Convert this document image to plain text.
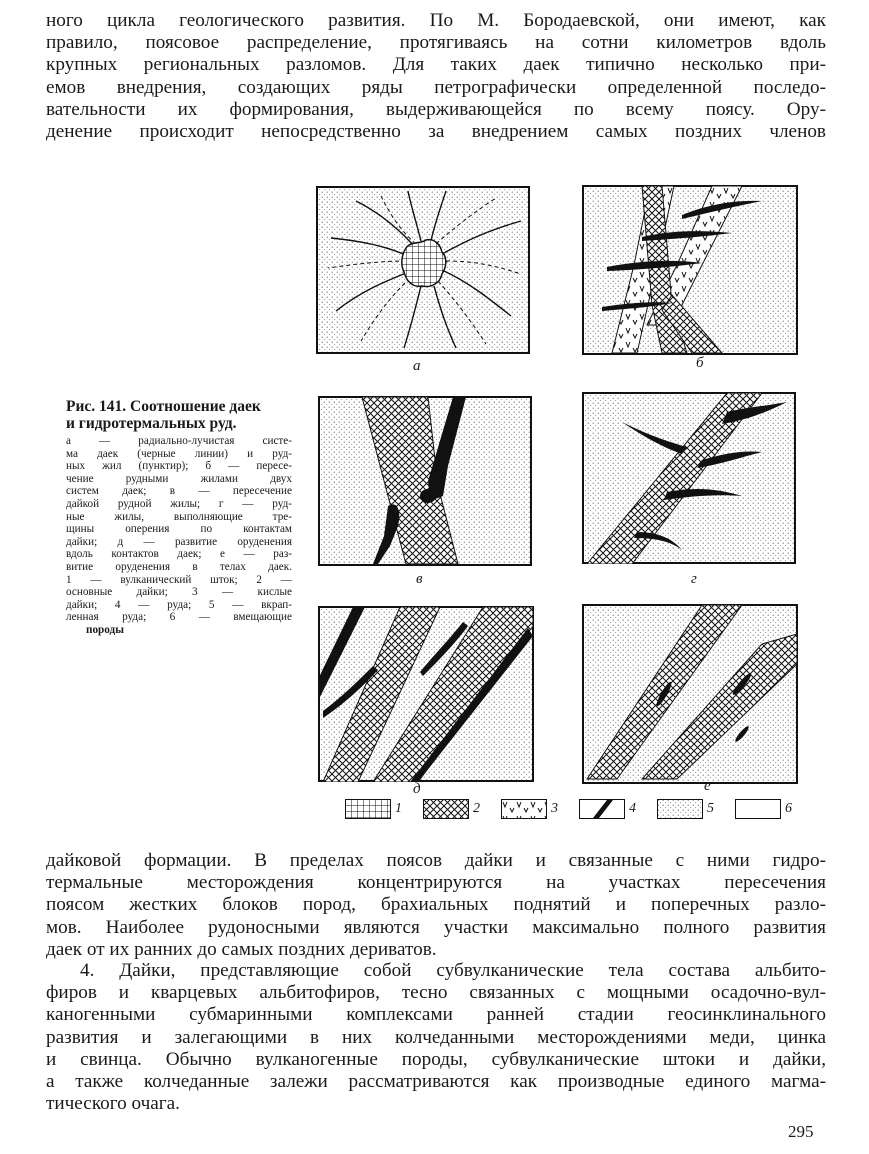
ного цикла геологического развития. По М. Бородаевской, они имеют, как
правило, поясовое распределение, протягиваясь на сотни километров вдоль
крупных региональных разломов. Для таких даек типично несколько при-
емов внедрения, создающих ряды петрографически определенной последо-
вательности их формирования, выдерживающейся по всему поясу. Ору-
денение происходит непосредственно за внедрением самых поздних членов
Рис. 141. Соотношение даек
и гидротермальных руд.
а — радиально-лучистая систе-
ма даек (черные линии) и руд-
ных жил (пунктир); б — пересе-
чение рудными жилами двух
систем даек; в — пересечение
дайкой рудной жилы; г — руд-
ные жилы, выполняющие тре-
щины оперения по контактам
дайки; д — развитие оруденения
вдоль контактов даек; е — раз-
витие оруденения в телах даек.
1 — вулканический шток; 2 —
основные дайки; 3 — кислые
дайки; 4 — руда; 5 — вкрап-
ленная руда; 6 — вмещающие
породы
а	б
в	г
д	е
1	2	3	4	5	6
дайковой формации. В пределах поясов дайки и связанные с ними гидро-
термальные месторождения концентрируются на участках пересечения
поясом жестких блоков пород, брахиальных поднятий и поперечных разло-
мов. Наиболее рудоносными являются участки максимально полного развития
даек от их ранних до самых поздних дериватов.
4. Дайки, представляющие собой субвулканические тела состава альбито-
фиров и кварцевых альбитофиров, тесно связанных с мощными осадочно-вул-
каногенными субмаринными комплексами ранней стадии геосинклинального
развития и залегающими в них колчеданными месторождениями меди, цинка
и свинца. Обычно вулканогенные породы, субвулканические штоки и дайки,
а также колчеданные залежи рассматриваются как производные единого магма-
тического очага.
295
